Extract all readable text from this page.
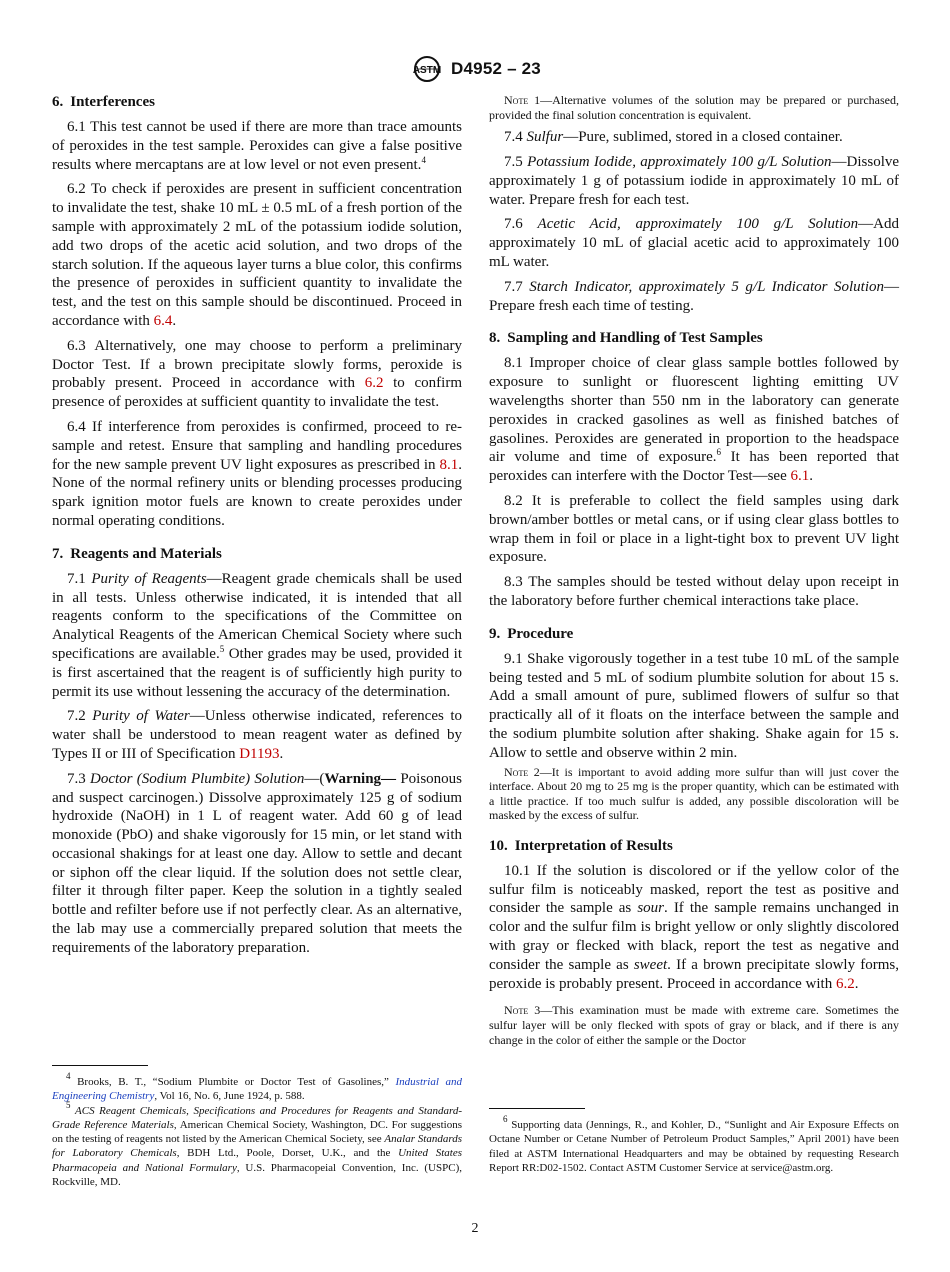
ASTM D4952 – 23
6. Interferences

6.1 This test cannot be used if there are more than trace amounts of peroxides in the test sample. Peroxides can give a false positive results where mercaptans are at low level or not even present.$^4$

6.2 To check if peroxides are present in sufficient concentration to invalidate the test, shake 10 mL ± 0.5 mL of a fresh portion of the sample with approximately 2 mL of the potassium iodide solution, add two drops of the acetic acid solution, and two drops of the starch solution. If the aqueous layer turns a blue color, this confirms the presence of peroxides in sufficient quantity to invalidate the test, and the test on this sample should be discontinued. Proceed in accordance with 6.4.

6.3 Alternatively, one may choose to perform a preliminary Doctor Test. If a brown precipitate slowly forms, peroxide is probably present. Proceed in accordance with 6.2 to confirm presence of peroxides at sufficient quantity to invalidate the test.

6.4 If interference from peroxides is confirmed, proceed to re-sample and retest. Ensure that sampling and handling procedures for the new sample prevent UV light exposures as prescribed in 8.1. None of the normal refinery units or blending processes producing spark ignition motor fuels are known to create peroxides under normal operating conditions.

7. Reagents and Materials

7.1 Purity of Reagents—Reagent grade chemicals shall be used in all tests. Unless otherwise indicated, it is intended that all reagents conform to the specifications of the Committee on Analytical Reagents of the American Chemical Society where such specifications are available.$^5$ Other grades may be used, provided it is first ascertained that the reagent is of sufficiently high purity to permit its use without lessening the accuracy of the determination.

7.2 Purity of Water—Unless otherwise indicated, references to water shall be understood to mean reagent water as defined by Types II or III of Specification D1193.

7.3 Doctor (Sodium Plumbite) Solution—(Warning— Poisonous and suspect carcinogen.) Dissolve approximately 125 g of sodium hydroxide (NaOH) in 1 L of reagent water. Add 60 g of lead monoxide (PbO) and shake vigorously for 15 min, or let stand with occasional shakings for at least one day. Allow to settle and decant or siphon off the clear liquid. If the solution does not settle clear, filter it through filter paper. Keep the solution in a tightly sealed bottle and refilter before use if not perfectly clear. As an alternative, the lab may use a commercially prepared solution that meets the requirements of the laboratory preparation.

$^4$ Brooks, B. T., “Sodium Plumbite or Doctor Test of Gasolines,” Industrial and Engineering Chemistry, Vol 16, No. 6, June 1924, p. 588.

$^5$ ACS Reagent Chemicals, Specifications and Procedures for Reagents and Standard-Grade Reference Materials, American Chemical Society, Washington, DC. For suggestions on the testing of reagents not listed by the American Chemical Society, see Analar Standards for Laboratory Chemicals, BDH Ltd., Poole, Dorset, U.K., and the United States Pharmacopeia and National Formulary, U.S. Pharmacopeial Convention, Inc. (USPC), Rockville, MD.

Note 1—Alternative volumes of the solution may be prepared or purchased, provided the final solution concentration is equivalent.

7.4 Sulfur—Pure, sublimed, stored in a closed container.

7.5 Potassium Iodide, approximately 100 g/L Solution—Dissolve approximately 1 g of potassium iodide in approximately 10 mL of water. Prepare fresh for each test.

7.6 Acetic Acid, approximately 100 g/L Solution—Add approximately 10 mL of glacial acetic acid to approximately 100 mL water.

7.7 Starch Indicator, approximately 5 g/L Indicator Solution—Prepare fresh each time of testing.

8. Sampling and Handling of Test Samples

8.1 Improper choice of clear glass sample bottles followed by exposure to sunlight or fluorescent lighting emitting UV wavelengths shorter than 550 nm in the laboratory can generate peroxides in cracked gasolines as well as finished batches of gasolines. Peroxides are generated in proportion to the headspace air volume and time of exposure.$^6$ It has been reported that peroxides can interfere with the Doctor Test—see 6.1.

8.2 It is preferable to collect the field samples using dark brown/amber bottles or metal cans, or if using clear glass bottles to wrap them in foil or place in a light-tight box to prevent UV light exposure.

8.3 The samples should be tested without delay upon receipt in the laboratory before further chemical interactions take place.

9. Procedure

9.1 Shake vigorously together in a test tube 10 mL of the sample being tested and 5 mL of sodium plumbite solution for about 15 s. Add a small amount of pure, sublimed flowers of sulfur so that practically all of it floats on the interface between the sample and the sodium plumbite solution after shaking. Shake again for 15 s. Allow to settle and observe within 2 min.

Note 2—It is important to avoid adding more sulfur than will just cover the interface. About 20 mg to 25 mg is the proper quantity, which can be estimated with a little practice. If too much sulfur is added, any possible discoloration will be masked by the excess of sulfur.

10. Interpretation of Results

10.1 If the solution is discolored or if the yellow color of the sulfur film is noticeably masked, report the test as positive and consider the sample as sour. If the sample remains unchanged in color and the sulfur film is bright yellow or only slightly discolored with gray or flecked with black, report the test as negative and consider the sample as sweet. If a brown precipitate slowly forms, peroxide is probably present. Proceed in accordance with 6.2.

Note 3—This examination must be made with extreme care. Sometimes the sulfur layer will be only flecked with spots of gray or black, and if there is any change in the color of either the sample or the Doctor

$^6$ Supporting data (Jennings, R., and Kohler, D., “Sunlight and Air Exposure Effects on Octane Number or Cetane Number of Petroleum Product Samples,” April 2001) have been filed at ASTM International Headquarters and may be obtained by requesting Research Report RR:D02-1502. Contact ASTM Customer Service at service@astm.org.

2
